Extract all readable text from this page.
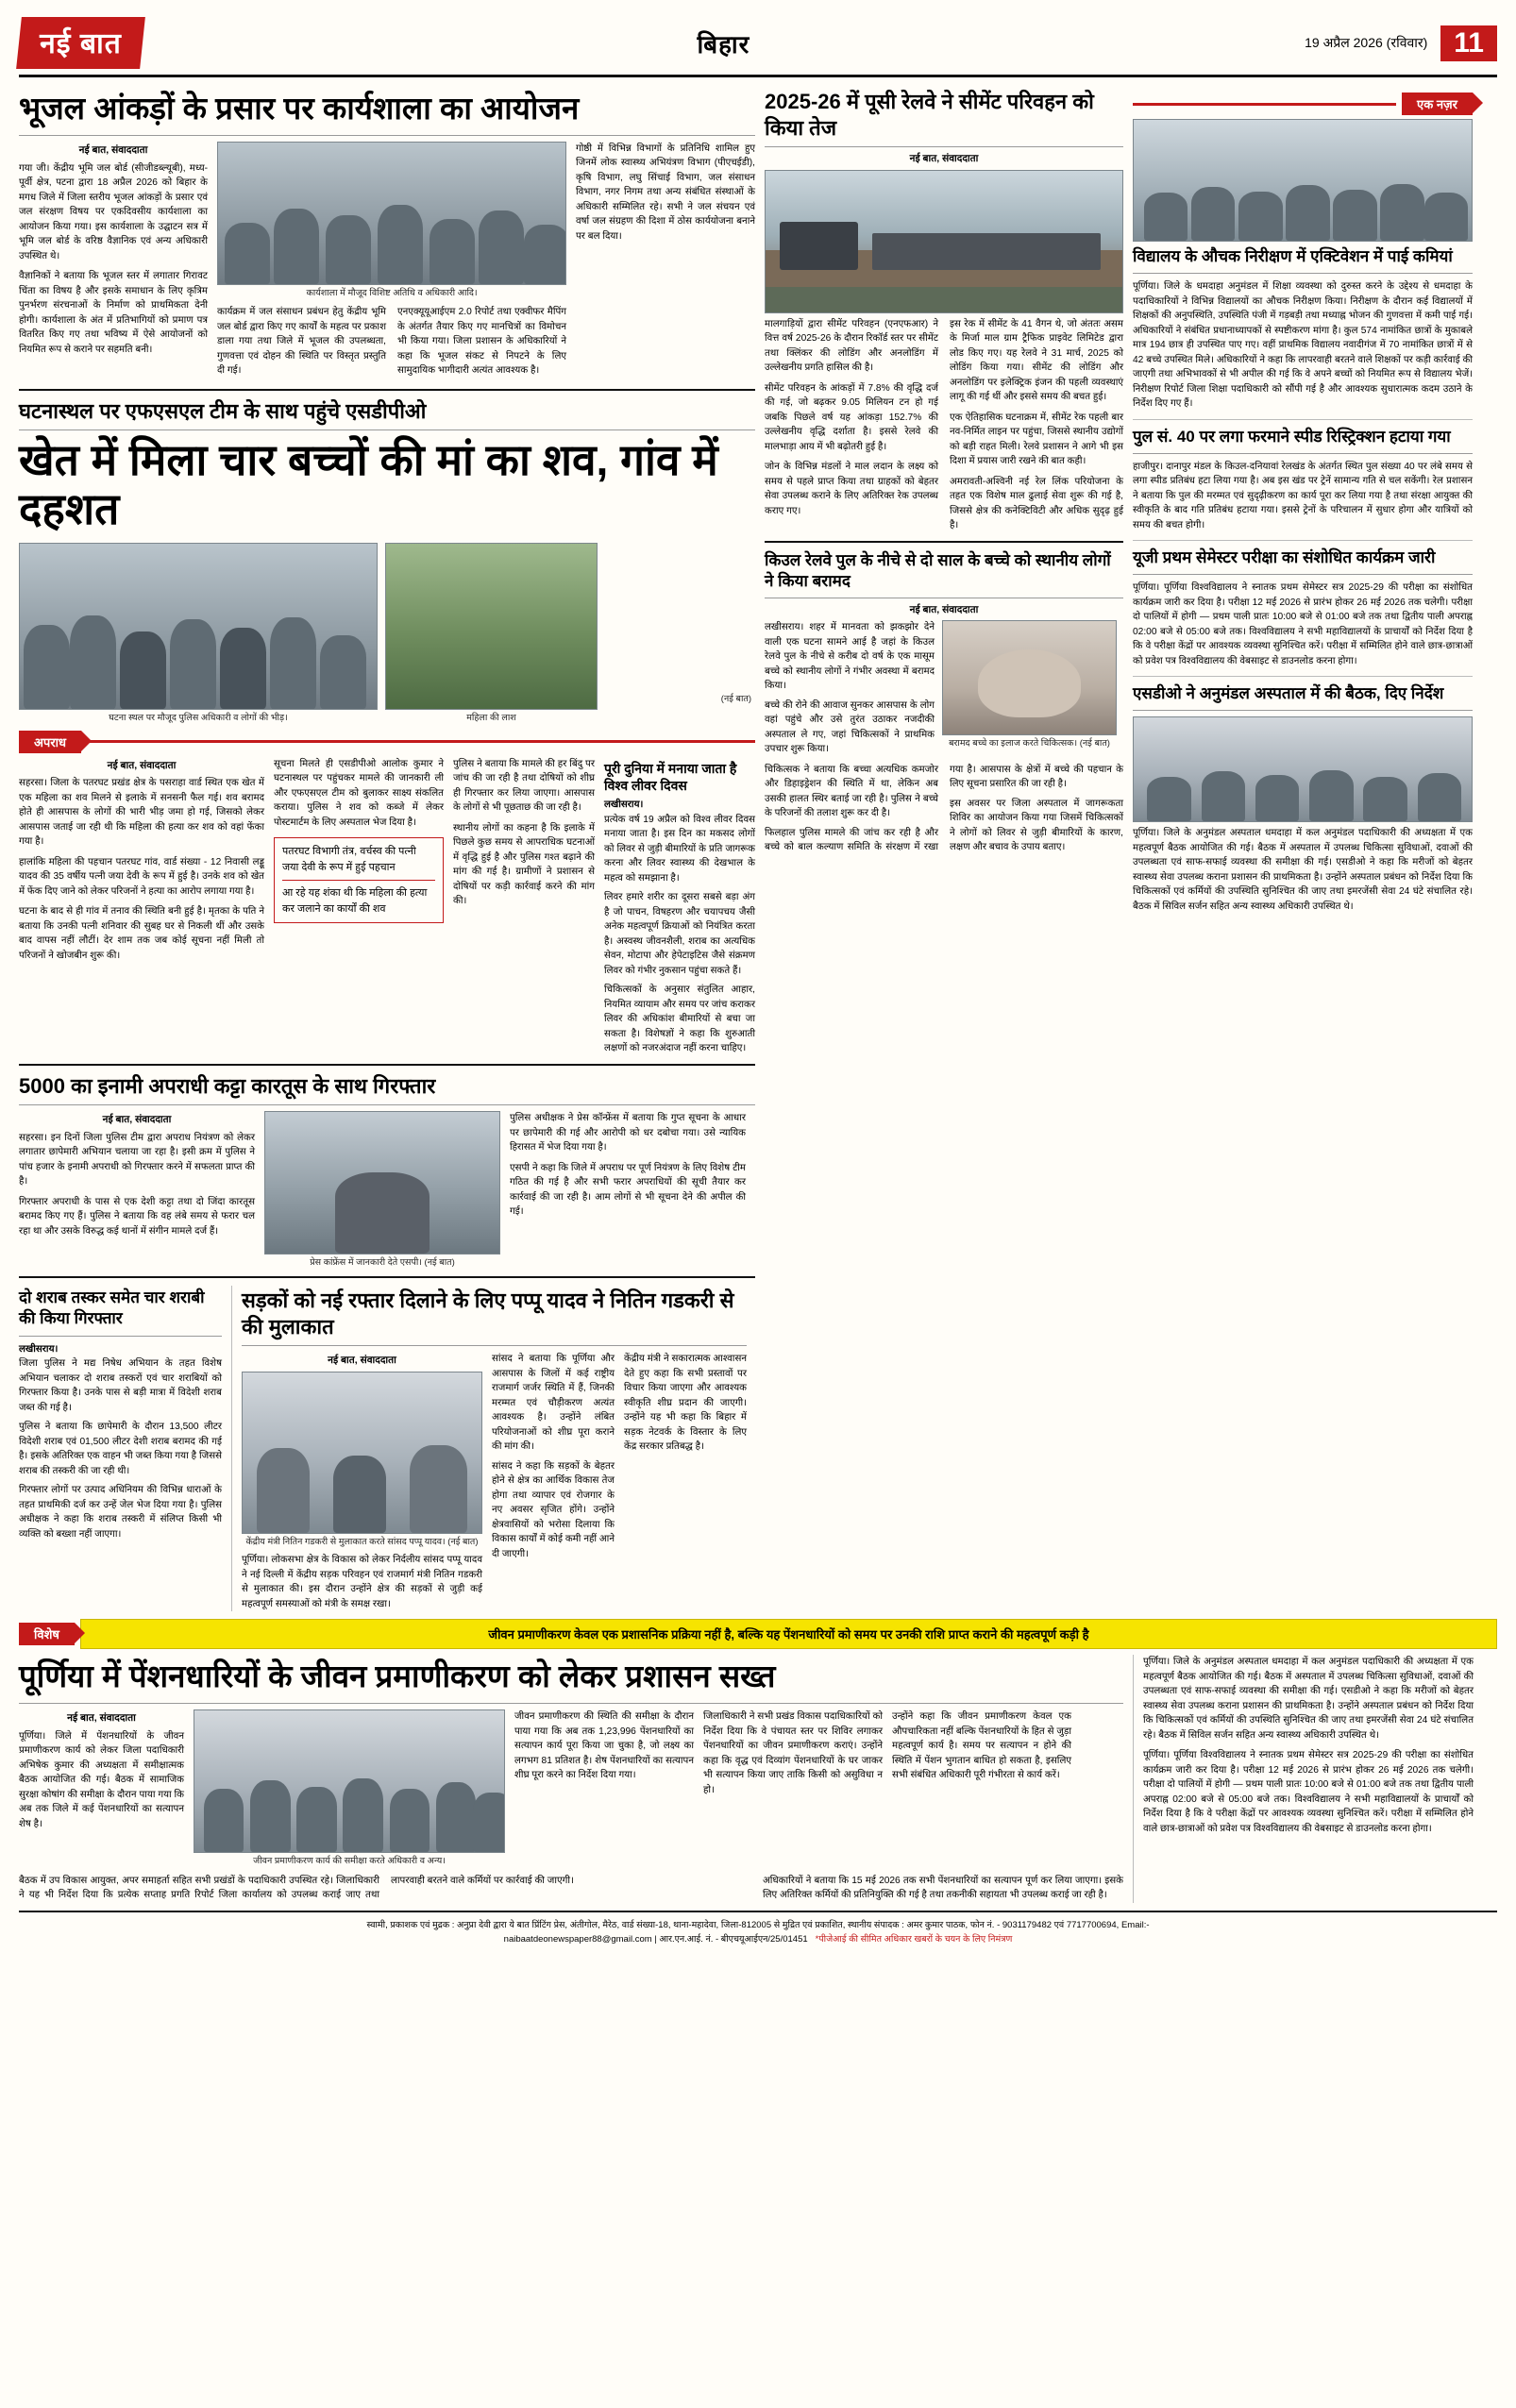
नई बात	बिहार	19 अप्रैल 2026 (रविवार) 11
भूजल आंकड़ों के प्रसार पर कार्यशाला का आयोजन
नई बात, संवाददाता
गया जी। केंद्रीय भूमि जल बोर्ड (सीजीडब्ल्यूबी), मध्य-पूर्वी क्षेत्र, पटना द्वारा 18 अप्रैल 2026 को बिहार के मगध जिले में जिला स्तरीय भूजल आंकड़ों के प्रसार एवं जल संरक्षण विषय पर एकदिवसीय कार्यशाला का आयोजन किया गया। इस कार्यशाला के उद्घाटन सत्र में भूमि जल बोर्ड के वरिष्ठ वैज्ञानिक एवं अन्य अधिकारी उपस्थित थे।
वैज्ञानिकों ने बताया कि भूजल स्तर में लगातार गिरावट चिंता का विषय है और इसके समाधान के लिए कृत्रिम पुनर्भरण संरचनाओं के निर्माण को प्राथमिकता देनी होगी। कार्यशाला के अंत में प्रतिभागियों को प्रमाण पत्र वितरित किए गए तथा भविष्य में ऐसे आयोजनों को नियमित रूप से कराने पर सहमति बनी।
कार्यशाला में मौजूद विशिष्ट अतिथि व अधिकारी आदि।
कार्यक्रम में जल संसाधन प्रबंधन हेतु केंद्रीय भूमि जल बोर्ड द्वारा किए गए कार्यों के महत्व पर प्रकाश डाला गया तथा जिले में भूजल की उपलब्धता, गुणवत्ता एवं दोहन की स्थिति पर विस्तृत प्रस्तुति दी गई।
एनएक्यूयूआईएम 2.0 रिपोर्ट तथा एक्वीफर मैपिंग के अंतर्गत तैयार किए गए मानचित्रों का विमोचन भी किया गया। जिला प्रशासन के अधिकारियों ने कहा कि भूजल संकट से निपटने के लिए सामुदायिक भागीदारी अत्यंत आवश्यक है।
गोष्ठी में विभिन्न विभागों के प्रतिनिधि शामिल हुए जिनमें लोक स्वास्थ्य अभियंत्रण विभाग (पीएचईडी), कृषि विभाग, लघु सिंचाई विभाग, जल संसाधन विभाग, नगर निगम तथा अन्य संबंधित संस्थाओं के अधिकारी सम्मिलित रहे। सभी ने जल संचयन एवं वर्षा जल संग्रहण की दिशा में ठोस कार्ययोजना बनाने पर बल दिया।
घटनास्थल पर एफएसएल टीम के साथ पहुंचे एसडीपीओ
खेत में मिला चार बच्चों की मां का शव, गांव में दहशत
घटना स्थल पर मौजूद पुलिस अधिकारी व लोगों की भीड़।	महिला की लाश
(नई बात)
अपराध
नई बात, संवाददाता
सहरसा। जिला के पतरघट प्रखंड क्षेत्र के पसराहा वार्ड स्थित एक खेत में एक महिला का शव मिलने से इलाके में सनसनी फैल गई। शव बरामद होते ही आसपास के लोगों की भारी भीड़ जमा हो गई, जिसको लेकर आसपास जताई जा रही थी कि महिला की हत्या कर शव को वहां फेंका गया है।
हालांकि महिला की पहचान पतरघट गांव, वार्ड संख्या - 12 निवासी लड्डू यादव की 35 वर्षीय पत्नी जया देवी के रूप में हुई है। उनके शव को खेत में फेंक दिए जाने को लेकर परिजनों ने हत्या का आरोप लगाया गया है।
घटना के बाद से ही गांव में तनाव की स्थिति बनी हुई है। मृतका के पति ने बताया कि उनकी पत्नी शनिवार की सुबह घर से निकली थीं और उसके बाद वापस नहीं लौटीं। देर शाम तक जब कोई सूचना नहीं मिली तो परिजनों ने खोजबीन शुरू की।
सूचना मिलते ही एसडीपीओ आलोक कुमार ने घटनास्थल पर पहुंचकर मामले की जानकारी ली और एफएसएल टीम को बुलाकर साक्ष्य संकलित कराया। पुलिस ने शव को कब्जे में लेकर पोस्टमार्टम के लिए अस्पताल भेज दिया है।
पतरघट विभागी तंत्र, वर्चस्व की पत्नी जया देवी के रूप में हुई पहचान
आ रहे यह शंका थी कि महिला की हत्या कर जलाने का कार्यों की शव
पुलिस ने बताया कि मामले की हर बिंदु पर जांच की जा रही है तथा दोषियों को शीघ्र ही गिरफ्तार कर लिया जाएगा। आसपास के लोगों से भी पूछताछ की जा रही है।
स्थानीय लोगों का कहना है कि इलाके में पिछले कुछ समय से आपराधिक घटनाओं में वृद्धि हुई है और पुलिस गश्त बढ़ाने की मांग की गई है। ग्रामीणों ने प्रशासन से दोषियों पर कड़ी कार्रवाई करने की मांग की।
पूरी दुनिया में मनाया जाता है विश्व लीवर दिवस
लखीसराय।
प्रत्येक वर्ष 19 अप्रैल को विश्व लीवर दिवस मनाया जाता है। इस दिन का मकसद लोगों को लिवर से जुड़ी बीमारियों के प्रति जागरूक करना और लिवर स्वास्थ्य की देखभाल के महत्व को समझाना है।
लिवर हमारे शरीर का दूसरा सबसे बड़ा अंग है जो पाचन, विषहरण और चयापचय जैसी अनेक महत्वपूर्ण क्रियाओं को नियंत्रित करता है। अस्वस्थ जीवनशैली, शराब का अत्यधिक सेवन, मोटापा और हेपेटाइटिस जैसे संक्रमण लिवर को गंभीर नुकसान पहुंचा सकते हैं।
चिकित्सकों के अनुसार संतुलित आहार, नियमित व्यायाम और समय पर जांच कराकर लिवर की अधिकांश बीमारियों से बचा जा सकता है। विशेषज्ञों ने कहा कि शुरुआती लक्षणों को नजरअंदाज नहीं करना चाहिए।
5000 का इनामी अपराधी कट्टा कारतूस के साथ गिरफ्तार
नई बात, संवाददाता
सहरसा। इन दिनों जिला पुलिस टीम द्वारा अपराध नियंत्रण को लेकर लगातार छापेमारी अभियान चलाया जा रहा है। इसी क्रम में पुलिस ने पांच हजार के इनामी अपराधी को गिरफ्तार करने में सफलता प्राप्त की है।
गिरफ्तार अपराधी के पास से एक देशी कट्टा तथा दो जिंदा कारतूस बरामद किए गए हैं। पुलिस ने बताया कि वह लंबे समय से फरार चल रहा था और उसके विरुद्ध कई थानों में संगीन मामले दर्ज हैं।
प्रेस कांफ्रेंस में जानकारी देते एसपी। (नई बात)
पुलिस अधीक्षक ने प्रेस कॉन्फ्रेंस में बताया कि गुप्त सूचना के आधार पर छापेमारी की गई और आरोपी को धर दबोचा गया। उसे न्यायिक हिरासत में भेज दिया गया है।
एसपी ने कहा कि जिले में अपराध पर पूर्ण नियंत्रण के लिए विशेष टीम गठित की गई है और सभी फरार अपराधियों की सूची तैयार कर कार्रवाई की जा रही है। आम लोगों से भी सूचना देने की अपील की गई।
दो शराब तस्कर समेत चार शराबी की किया गिरफ्तार
लखीसराय।
जिला पुलिस ने मद्य निषेध अभियान के तहत विशेष अभियान चलाकर दो शराब तस्करों एवं चार शराबियों को गिरफ्तार किया है। उनके पास से बड़ी मात्रा में विदेशी शराब जब्त की गई है।
पुलिस ने बताया कि छापेमारी के दौरान 13,500 लीटर विदेशी शराब एवं 01,500 लीटर देशी शराब बरामद की गई है। इसके अतिरिक्त एक वाहन भी जब्त किया गया है जिससे शराब की तस्करी की जा रही थी।
गिरफ्तार लोगों पर उत्पाद अधिनियम की विभिन्न धाराओं के तहत प्राथमिकी दर्ज कर उन्हें जेल भेज दिया गया है। पुलिस अधीक्षक ने कहा कि शराब तस्करी में संलिप्त किसी भी व्यक्ति को बख्शा नहीं जाएगा।
सड़कों को नई रफ्तार दिलाने के लिए पप्पू यादव ने नितिन गडकरी से की मुलाकात
नई बात, संवाददाता
केंद्रीय मंत्री नितिन गडकरी से मुलाकात करते सांसद पप्पू यादव। (नई बात)
पूर्णिया। लोकसभा क्षेत्र के विकास को लेकर निर्दलीय सांसद पप्पू यादव ने नई दिल्ली में केंद्रीय सड़क परिवहन एवं राजमार्ग मंत्री नितिन गडकरी से मुलाकात की। इस दौरान उन्होंने क्षेत्र की सड़कों से जुड़ी कई महत्वपूर्ण समस्याओं को मंत्री के समक्ष रखा।
सांसद ने बताया कि पूर्णिया और आसपास के जिलों में कई राष्ट्रीय राजमार्ग जर्जर स्थिति में हैं, जिनकी मरम्मत एवं चौड़ीकरण अत्यंत आवश्यक है। उन्होंने लंबित परियोजनाओं को शीघ्र पूरा कराने की मांग की।
सांसद ने कहा कि सड़कों के बेहतर होने से क्षेत्र का आर्थिक विकास तेज होगा तथा व्यापार एवं रोजगार के नए अवसर सृजित होंगे। उन्होंने क्षेत्रवासियों को भरोसा दिलाया कि विकास कार्यों में कोई कमी नहीं आने दी जाएगी।
केंद्रीय मंत्री ने सकारात्मक आश्वासन देते हुए कहा कि सभी प्रस्तावों पर विचार किया जाएगा और आवश्यक स्वीकृति शीघ्र प्रदान की जाएगी। उन्होंने यह भी कहा कि बिहार में सड़क नेटवर्क के विस्तार के लिए केंद्र सरकार प्रतिबद्ध है।
2025-26 में पूसी रेलवे ने सीमेंट परिवहन को किया तेज
नई बात, संवाददाता
मालगाड़ियों द्वारा सीमेंट परिवहन (एनएफआर) ने वित्त वर्ष 2025-26 के दौरान रिकॉर्ड स्तर पर सीमेंट तथा क्लिंकर की लोडिंग और अनलोडिंग में उल्लेखनीय प्रगति हासिल की है।
सीमेंट परिवहन के आंकड़ों में 7.8% की वृद्धि दर्ज की गई, जो बढ़कर 9.05 मिलियन टन हो गई जबकि पिछले वर्ष यह आंकड़ा 152.7% की उल्लेखनीय वृद्धि दर्शाता है। इससे रेलवे की मालभाड़ा आय में भी बढ़ोतरी हुई है।
जोन के विभिन्न मंडलों ने माल लदान के लक्ष्य को समय से पहले प्राप्त किया तथा ग्राहकों को बेहतर सेवा उपलब्ध कराने के लिए अतिरिक्त रेक उपलब्ध कराए गए।
इस रेक में सीमेंट के 41 वैगन थे, जो अंततः असम के मिर्जा माल ग्राम ट्रैफिक प्राइवेट लिमिटेड द्वारा लोड किए गए। यह रेलवे ने 31 मार्च, 2025 को लोडिंग किया गया। सीमेंट की लोडिंग और अनलोडिंग पर इलेक्ट्रिक इंजन की पहली व्यवस्थाएं लागू की गई थीं और इससे समय की बचत हुई।
एक ऐतिहासिक घटनाक्रम में, सीमेंट रेक पहली बार नव-निर्मित लाइन पर पहुंचा, जिससे स्थानीय उद्योगों को बड़ी राहत मिली। रेलवे प्रशासन ने आगे भी इस दिशा में प्रयास जारी रखने की बात कही।
अमरावती-अश्विनी नई रेल लिंक परियोजना के तहत एक विशेष माल ढुलाई सेवा शुरू की गई है, जिससे क्षेत्र की कनेक्टिविटी और अधिक सुदृढ़ हुई है।
किउल रेलवे पुल के नीचे से दो साल के बच्चे को स्थानीय लोगों ने किया बरामद
नई बात, संवाददाता
लखीसराय। शहर में मानवता को झकझोर देने वाली एक घटना सामने आई है जहां के किउल रेलवे पुल के नीचे से करीब दो वर्ष के एक मासूम बच्चे को स्थानीय लोगों ने गंभीर अवस्था में बरामद किया।
बच्चे की रोने की आवाज सुनकर आसपास के लोग वहां पहुंचे और उसे तुरंत उठाकर नजदीकी अस्पताल ले गए, जहां चिकित्सकों ने प्राथमिक उपचार शुरू किया।
बरामद बच्चे का इलाज करते चिकित्सक। (नई बात)
चिकित्सक ने बताया कि बच्चा अत्यधिक कमजोर और डिहाइड्रेशन की स्थिति में था, लेकिन अब उसकी हालत स्थिर बताई जा रही है। पुलिस ने बच्चे के परिजनों की तलाश शुरू कर दी है।
फिलहाल पुलिस मामले की जांच कर रही है और बच्चे को बाल कल्याण समिति के संरक्षण में रखा गया है। आसपास के क्षेत्रों में बच्चे की पहचान के लिए सूचना प्रसारित की जा रही है।
इस अवसर पर जिला अस्पताल में जागरूकता शिविर का आयोजन किया गया जिसमें चिकित्सकों ने लोगों को लिवर से जुड़ी बीमारियों के कारण, लक्षण और बचाव के उपाय बताए।
एक नज़र
विद्यालय के औचक निरीक्षण में एक्टिवेशन में पाई कमियां
पूर्णिया। जिले के धमदाहा अनुमंडल में शिक्षा व्यवस्था को दुरुस्त करने के उद्देश्य से धमदाहा के पदाधिकारियों ने विभिन्न विद्यालयों का औचक निरीक्षण किया। निरीक्षण के दौरान कई विद्यालयों में शिक्षकों की अनुपस्थिति, उपस्थिति पंजी में गड़बड़ी तथा मध्याह्न भोजन की गुणवत्ता में कमी पाई गई। अधिकारियों ने संबंधित प्रधानाध्यापकों से स्पष्टीकरण मांगा है। कुल 574 नामांकित छात्रों के मुकाबले मात्र 194 छात्र ही उपस्थित पाए गए। वहीं प्राथमिक विद्यालय नवादीगंज में 70 नामांकित छात्रों में से 42 बच्चे उपस्थित मिले। अधिकारियों ने कहा कि लापरवाही बरतने वाले शिक्षकों पर कड़ी कार्रवाई की जाएगी तथा अभिभावकों से भी अपील की गई कि वे अपने बच्चों को नियमित रूप से विद्यालय भेजें। निरीक्षण रिपोर्ट जिला शिक्षा पदाधिकारी को सौंपी गई है और आवश्यक सुधारात्मक कदम उठाने के निर्देश दिए गए हैं।
पुल सं. 40 पर लगा फरमाने स्पीड रिस्ट्रिक्शन हटाया गया
हाजीपुर। दानापुर मंडल के किउल-दनियावां रेलखंड के अंतर्गत स्थित पुल संख्या 40 पर लंबे समय से लगा स्पीड प्रतिबंध हटा लिया गया है। अब इस खंड पर ट्रेनें सामान्य गति से चल सकेंगी। रेल प्रशासन ने बताया कि पुल की मरम्मत एवं सुदृढ़ीकरण का कार्य पूरा कर लिया गया है तथा संरक्षा आयुक्त की स्वीकृति के बाद गति प्रतिबंध हटाया गया। इससे ट्रेनों के परिचालन में सुधार होगा और यात्रियों को समय की बचत होगी।
यूजी प्रथम सेमेस्टर परीक्षा का संशोधित कार्यक्रम जारी
पूर्णिया। पूर्णिया विश्वविद्यालय ने स्नातक प्रथम सेमेस्टर सत्र 2025-29 की परीक्षा का संशोधित कार्यक्रम जारी कर दिया है। परीक्षा 12 मई 2026 से प्रारंभ होकर 26 मई 2026 तक चलेगी। परीक्षा दो पालियों में होगी — प्रथम पाली प्रातः 10:00 बजे से 01:00 बजे तक तथा द्वितीय पाली अपराह्न 02:00 बजे से 05:00 बजे तक। विश्वविद्यालय ने सभी महाविद्यालयों के प्राचार्यों को निर्देश दिया है कि वे परीक्षा केंद्रों पर आवश्यक व्यवस्था सुनिश्चित करें। परीक्षा में सम्मिलित होने वाले छात्र-छात्राओं को प्रवेश पत्र विश्वविद्यालय की वेबसाइट से डाउनलोड करना होगा।
एसडीओ ने अनुमंडल अस्पताल में की बैठक, दिए निर्देश
पूर्णिया। जिले के अनुमंडल अस्पताल धमदाहा में कल अनुमंडल पदाधिकारी की अध्यक्षता में एक महत्वपूर्ण बैठक आयोजित की गई। बैठक में अस्पताल में उपलब्ध चिकित्सा सुविधाओं, दवाओं की उपलब्धता एवं साफ-सफाई व्यवस्था की समीक्षा की गई। एसडीओ ने कहा कि मरीजों को बेहतर स्वास्थ्य सेवा उपलब्ध कराना प्रशासन की प्राथमिकता है। उन्होंने अस्पताल प्रबंधन को निर्देश दिया कि चिकित्सकों एवं कर्मियों की उपस्थिति सुनिश्चित की जाए तथा इमरजेंसी सेवा 24 घंटे संचालित रहे। बैठक में सिविल सर्जन सहित अन्य स्वास्थ्य अधिकारी उपस्थित थे।
विशेष	जीवन प्रमाणीकरण केवल एक प्रशासनिक प्रक्रिया नहीं है, बल्कि यह पेंशनधारियों को समय पर उनकी राशि प्राप्त कराने की महत्वपूर्ण कड़ी है
पूर्णिया में पेंशनधारियों के जीवन प्रमाणीकरण को लेकर प्रशासन सख्त
नई बात, संवाददाता
पूर्णिया। जिले में पेंशनधारियों के जीवन प्रमाणीकरण कार्य को लेकर जिला पदाधिकारी अभिषेक कुमार की अध्यक्षता में समीक्षात्मक बैठक आयोजित की गई। बैठक में सामाजिक सुरक्षा कोषांग की समीक्षा के दौरान पाया गया कि अब तक जिले में कई पेंशनधारियों का सत्यापन शेष है।
जीवन प्रमाणीकरण कार्य की समीक्षा करते अधिकारी व अन्य।
जीवन प्रमाणीकरण की स्थिति की समीक्षा के दौरान पाया गया कि अब तक 1,23,996 पेंशनधारियों का सत्यापन कार्य पूरा किया जा चुका है, जो लक्ष्य का लगभग 81 प्रतिशत है। शेष पेंशनधारियों का सत्यापन शीघ्र पूरा करने का निर्देश दिया गया।
जिलाधिकारी ने सभी प्रखंड विकास पदाधिकारियों को निर्देश दिया कि वे पंचायत स्तर पर शिविर लगाकर पेंशनधारियों का जीवन प्रमाणीकरण कराएं। उन्होंने कहा कि वृद्ध एवं दिव्यांग पेंशनधारियों के घर जाकर भी सत्यापन किया जाए ताकि किसी को असुविधा न हो।
उन्होंने कहा कि जीवन प्रमाणीकरण केवल एक औपचारिकता नहीं बल्कि पेंशनधारियों के हित से जुड़ा महत्वपूर्ण कार्य है। समय पर सत्यापन न होने की स्थिति में पेंशन भुगतान बाधित हो सकता है, इसलिए सभी संबंधित अधिकारी पूरी गंभीरता से कार्य करें।
बैठक में उप विकास आयुक्त, अपर समाहर्ता सहित सभी प्रखंडों के पदाधिकारी उपस्थित रहे। जिलाधिकारी ने यह भी निर्देश दिया कि प्रत्येक सप्ताह प्रगति रिपोर्ट जिला कार्यालय को उपलब्ध कराई जाए तथा लापरवाही बरतने वाले कर्मियों पर कार्रवाई की जाएगी।	अधिकारियों ने बताया कि 15 मई 2026 तक सभी पेंशनधारियों का सत्यापन पूर्ण कर लिया जाएगा। इसके लिए अतिरिक्त कर्मियों की प्रतिनियुक्ति की गई है तथा तकनीकी सहायता भी उपलब्ध कराई जा रही है।
पूर्णिया। जिले के अनुमंडल अस्पताल धमदाहा में कल अनुमंडल पदाधिकारी की अध्यक्षता में एक महत्वपूर्ण बैठक आयोजित की गई। बैठक में अस्पताल में उपलब्ध चिकित्सा सुविधाओं, दवाओं की उपलब्धता एवं साफ-सफाई व्यवस्था की समीक्षा की गई। एसडीओ ने कहा कि मरीजों को बेहतर स्वास्थ्य सेवा उपलब्ध कराना प्रशासन की प्राथमिकता है। उन्होंने अस्पताल प्रबंधन को निर्देश दिया कि चिकित्सकों एवं कर्मियों की उपस्थिति सुनिश्चित की जाए तथा इमरजेंसी सेवा 24 घंटे संचालित रहे। बैठक में सिविल सर्जन सहित अन्य स्वास्थ्य अधिकारी उपस्थित थे।
पूर्णिया। पूर्णिया विश्वविद्यालय ने स्नातक प्रथम सेमेस्टर सत्र 2025-29 की परीक्षा का संशोधित कार्यक्रम जारी कर दिया है। परीक्षा 12 मई 2026 से प्रारंभ होकर 26 मई 2026 तक चलेगी। परीक्षा दो पालियों में होगी — प्रथम पाली प्रातः 10:00 बजे से 01:00 बजे तक तथा द्वितीय पाली अपराह्न 02:00 बजे से 05:00 बजे तक। विश्वविद्यालय ने सभी महाविद्यालयों के प्राचार्यों को निर्देश दिया है कि वे परीक्षा केंद्रों पर आवश्यक व्यवस्था सुनिश्चित करें। परीक्षा में सम्मिलित होने वाले छात्र-छात्राओं को प्रवेश पत्र विश्वविद्यालय की वेबसाइट से डाउनलोड करना होगा।
स्वामी, प्रकाशक एवं मुद्रक : अनुप्रा देवी द्वारा ये बात प्रिंटिंग प्रेस, अंतीगोल, मैरेठ, वार्ड संख्या-18, थाना-महादेवा, जिला-812005 से मुद्रित एवं प्रकाशित, स्थानीय संपादक : अमर कुमार पाठक, फोन नं. - 9031179482 एवं 7717700694, Email:-
naibaatdeonewspaper88@gmail.com | आर.एन.आई. नं. - बीएचयूआईएन/25/01451 *पीजेआई की सीमित अधिकार खबरों के चयन के लिए निमंत्रण
